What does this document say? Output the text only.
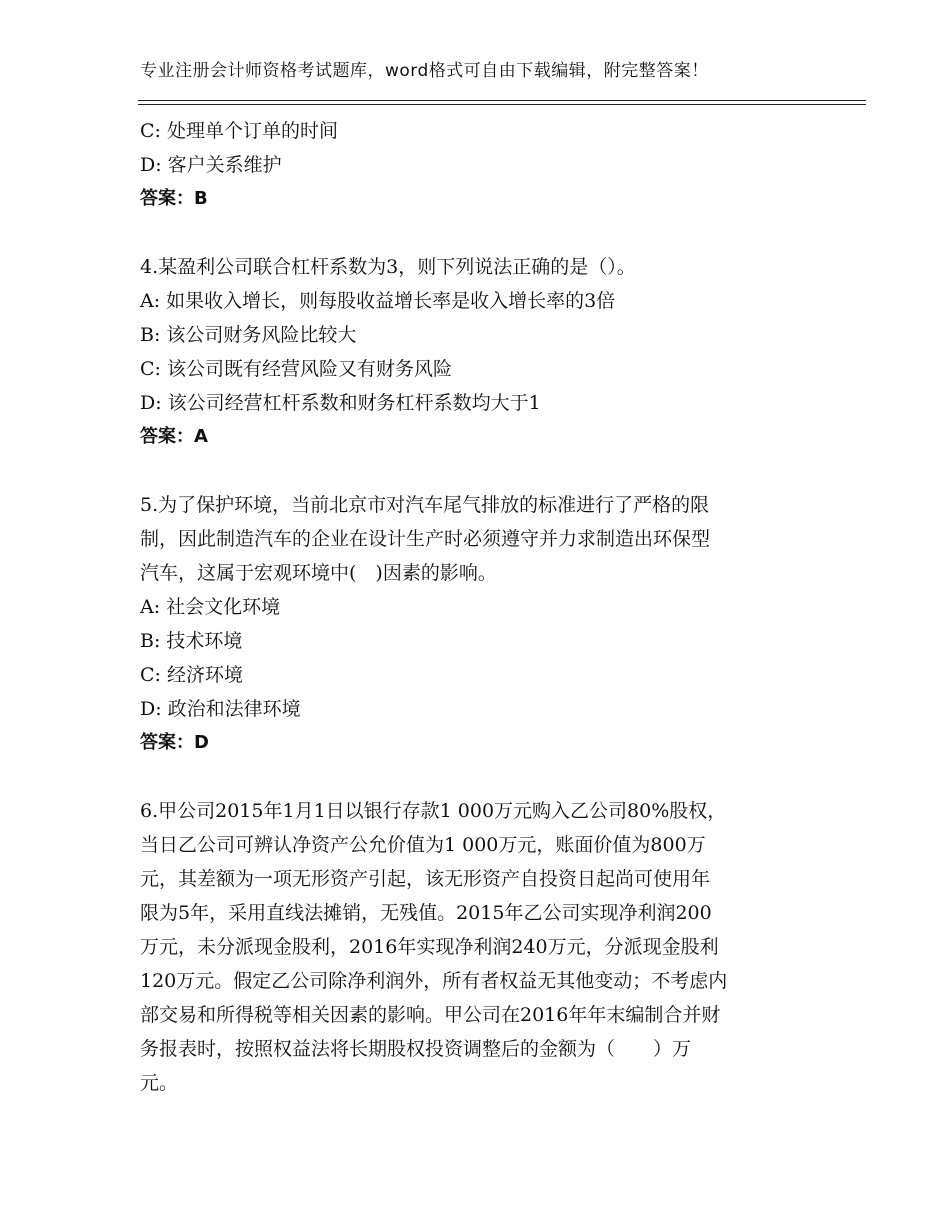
专业注册会计师资格考试题库，word格式可自由下载编辑，附完整答案！
C: 处理单个订单的时间
D: 客户关系维护
答案：B
4.某盈利公司联合杠杆系数为3，则下列说法正确的是（）。
A: 如果收入增长，则每股收益增长率是收入增长率的3倍
B: 该公司财务风险比较大
C: 该公司既有经营风险又有财务风险
D: 该公司经营杠杆系数和财务杠杆系数均大于1
答案：A
5.为了保护环境，当前北京市对汽车尾气排放的标准进行了严格的限
制，因此制造汽车的企业在设计生产时必须遵守并力求制造出环保型
汽车，这属于宏观环境中(　)因素的影响。
A: 社会文化环境
B: 技术环境
C: 经济环境
D: 政治和法律环境
答案：D
6.甲公司2015年1月1日以银行存款1 000万元购入乙公司80%股权，
当日乙公司可辨认净资产公允价值为1 000万元，账面价值为800万
元，其差额为一项无形资产引起，该无形资产自投资日起尚可使用年
限为5年，采用直线法摊销，无残值。2015年乙公司实现净利润200
万元，未分派现金股利，2016年实现净利润240万元，分派现金股利
120万元。假定乙公司除净利润外，所有者权益无其他变动；不考虑内
部交易和所得税等相关因素的影响。甲公司在2016年年末编制合并财
务报表时，按照权益法将长期股权投资调整后的金额为（　　）万
元。
